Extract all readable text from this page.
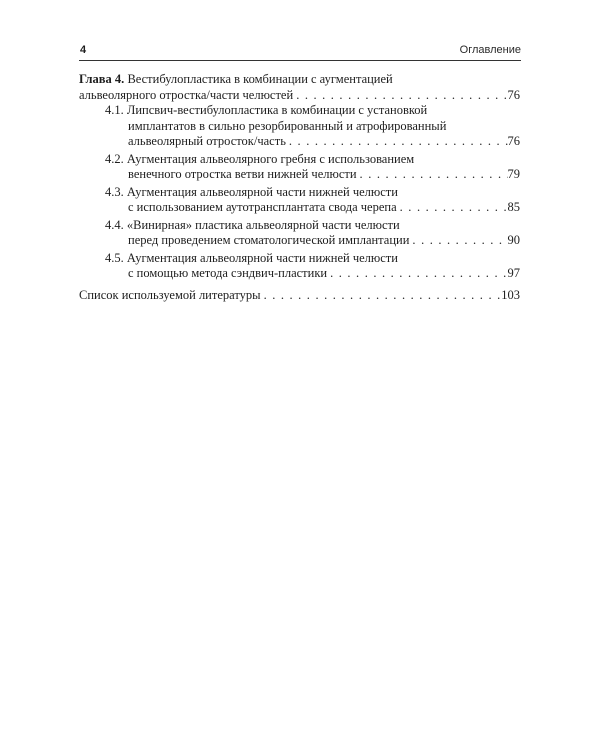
4	Оглавление
Глава 4. Вестибулопластика в комбинации с аугментацией
альвеолярного отростка/части челюстей . . .	76
4.1. Липсвич-вестибулопластика в комбинации с установкой
имплантатов в сильно резорбированный и атрофированный
альвеолярный отросток/часть . . .	76
4.2. Аугментация альвеолярного гребня с использованием
венечного отростка ветви нижней челюсти . . .	79
4.3. Аугментация альвеолярной части нижней челюсти
с использованием аутотрансплантата свода черепа . . .	85
4.4. «Винирная» пластика альвеолярной части челюсти
перед проведением стоматологической имплантации . . .	90
4.5. Аугментация альвеолярной части нижней челюсти
с помощью метода сэндвич-пластики . . .	97
Список используемой литературы . . .	103
